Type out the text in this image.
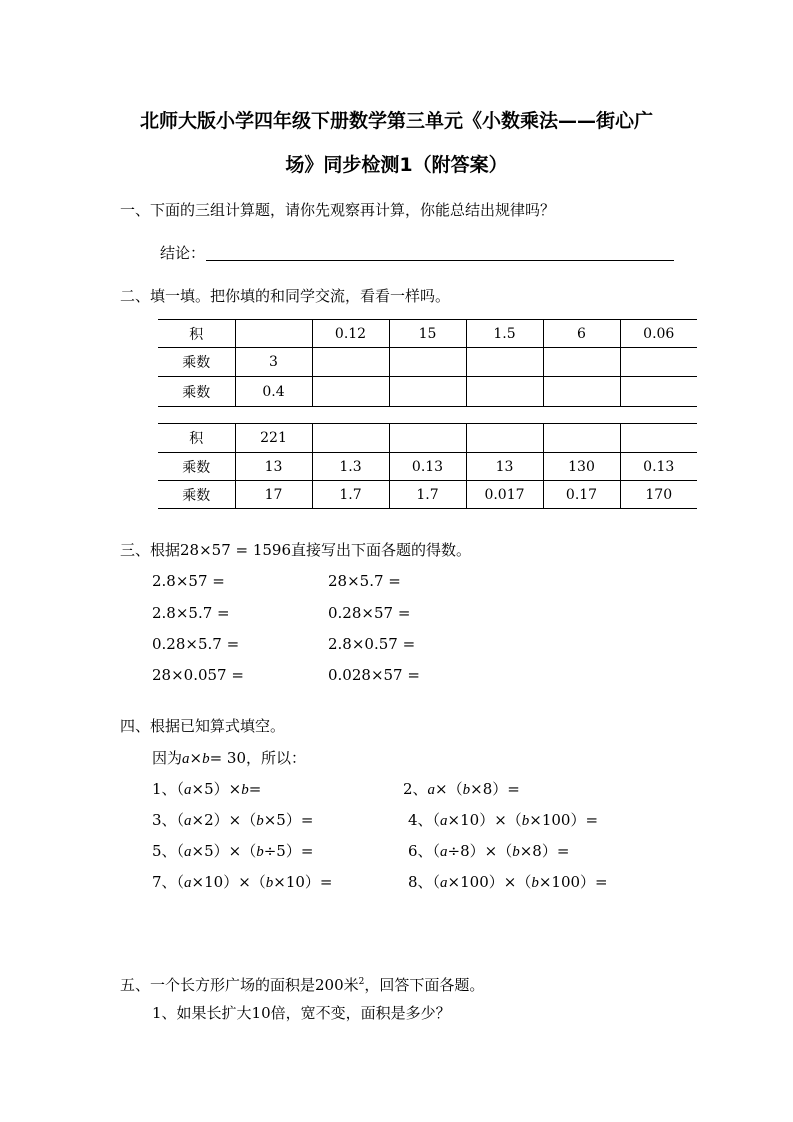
北师大版小学四年级下册数学第三单元《小数乘法——街心广
场》同步检测1（附答案）
一、下面的三组计算题，请你先观察再计算，你能总结出规律吗？
结论：
二、填一填。把你填的和同学交流，看看一样吗。
积		0.12	15	1.5	6	0.06
乘数	3					
乘数	0.4					
积	221					
乘数	13	1.3	0.13	13	130	0.13
乘数	17	1.7	1.7	0.017	0.17	170
三、根据28×57 = 1596直接写出下面各题的得数。
2.8×57 =	28×5.7 =
2.8×5.7 =	0.28×57 =
0.28×5.7 =	2.8×0.57 =
28×0.057 =	0.028×57 =
四、根据已知算式填空。
因为a×b= 30，所以：
1、（a×5）×b=	2、a×（b×8）=
3、（a×2）×（b×5）=	4、（a×10）×（b×100）=
5、（a×5）×（b÷5）=	6、（a÷8）×（b×8）=
7、（a×10）×（b×10）=	8、（a×100）×（b×100）=
五、一个长方形广场的面积是200米$^2$，回答下面各题。
1、如果长扩大10倍，宽不变，面积是多少？
